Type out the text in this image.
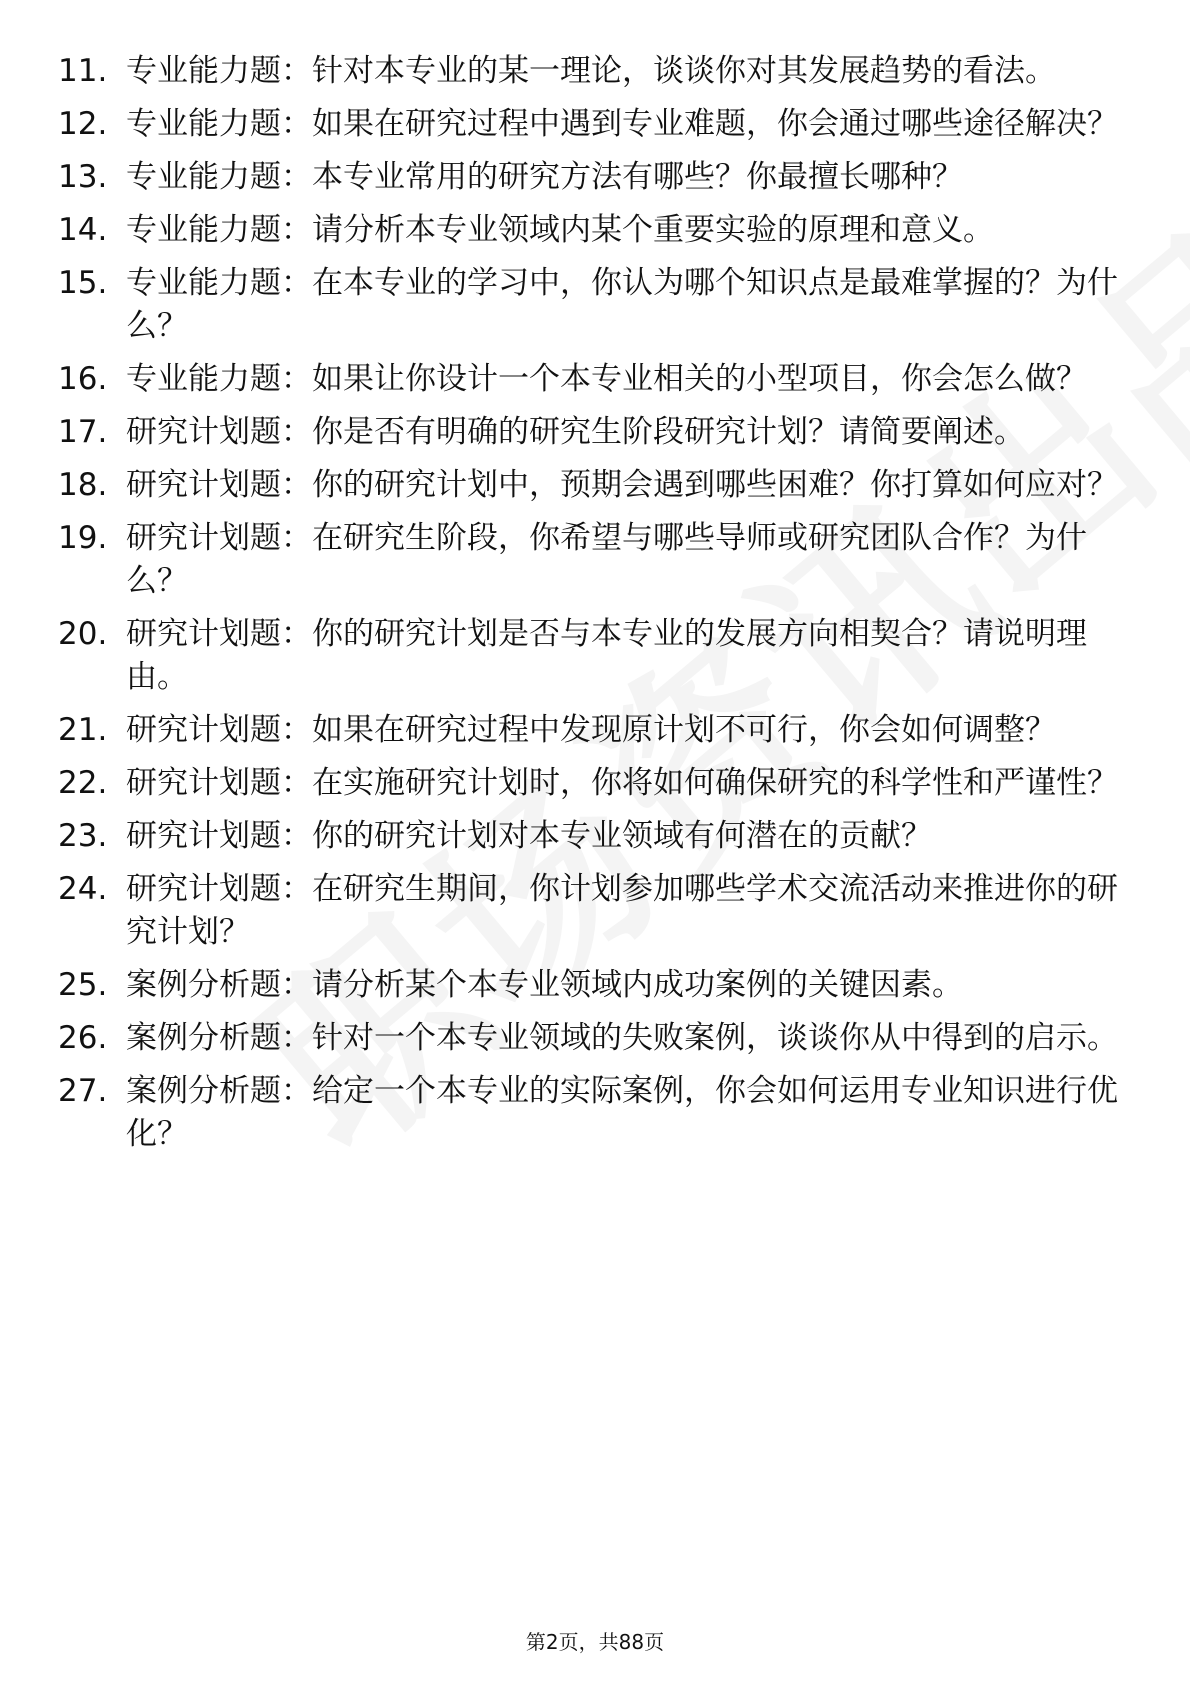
11. 专业能力题：针对本专业的某一理论，谈谈你对其发展趋势的看法。
12. 专业能力题：如果在研究过程中遇到专业难题，你会通过哪些途径解决？
13. 专业能力题：本专业常用的研究方法有哪些？你最擅长哪种？
14. 专业能力题：请分析本专业领域内某个重要实验的原理和意义。
15. 专业能力题：在本专业的学习中，你认为哪个知识点是最难掌握的？为什么？
16. 专业能力题：如果让你设计一个本专业相关的小型项目，你会怎么做？
17. 研究计划题：你是否有明确的研究生阶段研究计划？请简要阐述。
18. 研究计划题：你的研究计划中，预期会遇到哪些困难？你打算如何应对？
19. 研究计划题：在研究生阶段，你希望与哪些导师或研究团队合作？为什么？
20. 研究计划题：你的研究计划是否与本专业的发展方向相契合？请说明理由。
21. 研究计划题：如果在研究过程中发现原计划不可行，你会如何调整？
22. 研究计划题：在实施研究计划时，你将如何确保研究的科学性和严谨性？
23. 研究计划题：你的研究计划对本专业领域有何潜在的贡献？
24. 研究计划题：在研究生期间，你计划参加哪些学术交流活动来推进你的研究计划？
25. 案例分析题：请分析某个本专业领域内成功案例的关键因素。
26. 案例分析题：针对一个本专业领域的失败案例，谈谈你从中得到的启示。
27. 案例分析题：给定一个本专业的实际案例，你会如何运用专业知识进行优化？
第2页，共88页
